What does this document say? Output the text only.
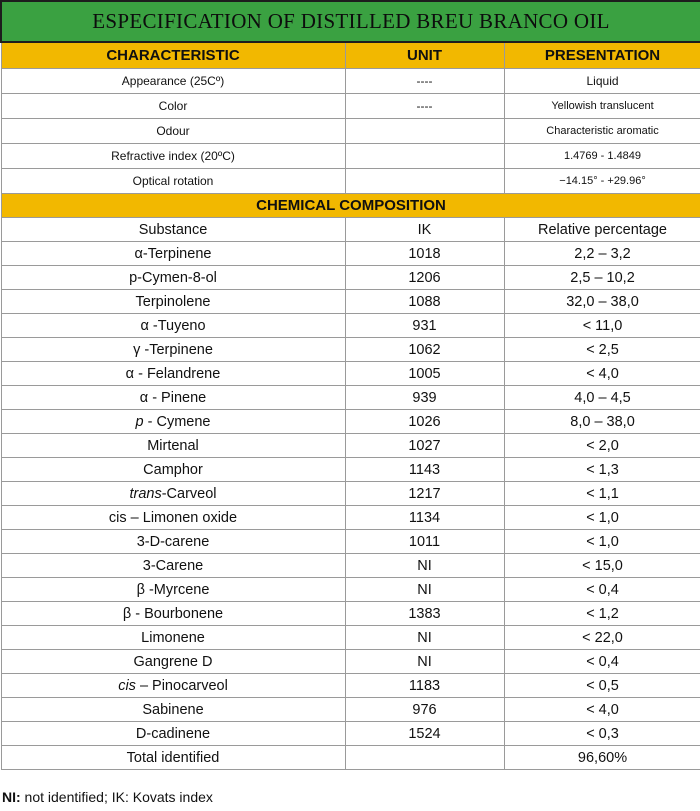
ESPECIFICATION OF DISTILLED BREU BRANCO OIL		
CHARACTERISTIC	UNIT	PRESENTATION
Appearance (25Cº)	----	Liquid
Color	----	Yellowish translucent
Odour		Characteristic aromatic
Refractive index (20ºC)		1.4769 - 1.4849
Optical rotation		−14.15° - +29.96°
CHEMICAL COMPOSITION		
Substance	IK	Relative percentage
α-Terpinene	1018	2,2 – 3,2
p-Cymen-8-ol	1206	2,5 – 10,2
Terpinolene	1088	32,0 – 38,0
α -Tuyeno	931	< 11,0
γ -Terpinene	1062	< 2,5
α - Felandrene	1005	< 4,0
α - Pinene	939	4,0 – 4,5
p - Cymene	1026	8,0 – 38,0
Mirtenal	1027	< 2,0
Camphor	1143	< 1,3
trans-Carveol	1217	< 1,1
cis – Limonen oxide	1134	< 1,0
3-D-carene	1011	< 1,0
3-Carene	NI	< 15,0
β -Myrcene	NI	< 0,4
β - Bourbonene	1383	< 1,2
Limonene	NI	< 22,0
Gangrene D	NI	< 0,4
cis – Pinocarveol	1183	< 0,5
Sabinene	976	< 4,0
D-cadinene	1524	< 0,3
Total identified		96,60%
NI: not identified; IK: Kovats index
